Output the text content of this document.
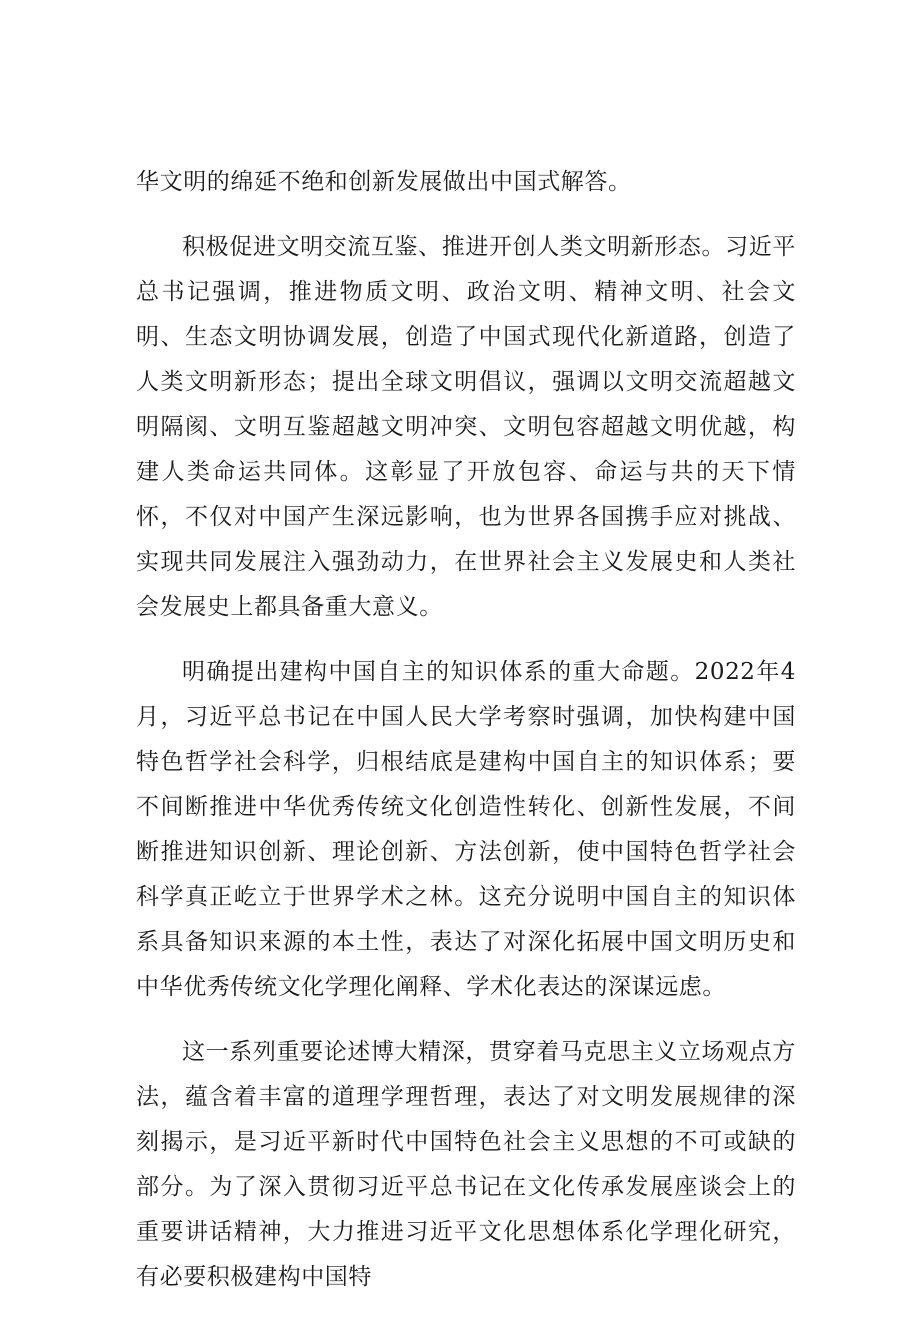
华文明的绵延不绝和创新发展做出中国式解答。

积极促进文明交流互鉴、推进开创人类文明新形态。习近平总书记强调，推进物质文明、政治文明、精神文明、社会文明、生态文明协调发展，创造了中国式现代化新道路，创造了人类文明新形态；提出全球文明倡议，强调以文明交流超越文明隔阂、文明互鉴超越文明冲突、文明包容超越文明优越，构建人类命运共同体。这彰显了开放包容、命运与共的天下情怀，不仅对中国产生深远影响，也为世界各国携手应对挑战、实现共同发展注入强劲动力，在世界社会主义发展史和人类社会发展史上都具备重大意义。

明确提出建构中国自主的知识体系的重大命题。2022年4月，习近平总书记在中国人民大学考察时强调，加快构建中国特色哲学社会科学，归根结底是建构中国自主的知识体系；要不间断推进中华优秀传统文化创造性转化、创新性发展，不间断推进知识创新、理论创新、方法创新，使中国特色哲学社会科学真正屹立于世界学术之林。这充分说明中国自主的知识体系具备知识来源的本土性，表达了对深化拓展中国文明历史和中华优秀传统文化学理化阐释、学术化表达的深谋远虑。

这一系列重要论述博大精深，贯穿着马克思主义立场观点方法，蕴含着丰富的道理学理哲理，表达了对文明发展规律的深刻揭示，是习近平新时代中国特色社会主义思想的不可或缺的部分。为了深入贯彻习近平总书记在文化传承发展座谈会上的重要讲话精神，大力推进习近平文化思想体系化学理化研究，有必要积极建构中国特
